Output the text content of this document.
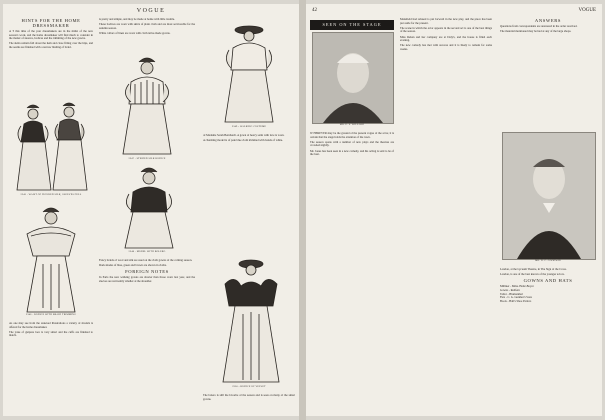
VOGUE
HINTS FOR THE HOME DRESSMAKER

A T this time of the year dressmakers are in the midst of the new season's work, and the home dressmaker will find much to consider in the matter of sleeves, bodices and the trimming of the new gowns.

The skirts remain full about the hem and close fitting over the hips, and the seams are finished with a narrow binding of braid.

2345 - WAIST OF FIGURED SILK, SLEEVES FULL
2346 - BODICE WITH BRAID TRIMMING

As one may see from the annexed illustrations a variety of models is offered for the home dressmaker.

The yoke of guipure lace is very smart and the cuffs are finished to match.

is pretty and simple, and may be made at home with little trouble.

These bodices are worn with skirts of plain cloth and are most serviceable for the autumn season.

White collars of linen are worn with cloth tailor-made gowns.

2347 - STRIPED SILK BODICE
2348 - MODEL WITH BOLERO

Fancy braids of wool and silk are used on the cloth gowns of the coming season.

Dark shades of blue, green and brown are shown in cloths.

FOREIGN NOTES

In Paris the new walking gowns are shorter than those worn last year, and the sleeves are noticeably smaller at the shoulder.

2349 - WALKING COSTUME

of Madame Sarah Bernhardt. A gown of heavy satin with lace is worn.

A charming model is of pale blue cloth trimmed with bands of white.

2350 - BODICE OF VELVET

The bolero is still the favorite of the season and is seen on many of the smart gowns.

42	VOGUE
SEEN ON THE STAGE
MR. E. S. WILLARD

W HEREVER may be the ground of the present vogue of the actor, it is certain that the stage holds the attention of the town.

The season opens with a number of new plays and the theatres are crowded nightly.

Mr. Jones has been seen in a new comedy, and his acting is said to be of the best.

Mansfield had refused to put forward in the new play, and the piece has been put aside for the present.

The scene in which the actor appears in the second act is one of the best things of the season.

Miss Rehan and her company are at Daly's, and the house is filled each evening.

The new comedy has met with success and it is likely to remain for some weeks.

ANSWERS

Questions from correspondents are answered in the order received.

The material mentioned may be had at any of the large shops.

MR. N. C. GOODWIN

London, at the Lyceum Theatre, in The Sign of the Cross.

London, is one of the best known of the younger actors.

GOWNS AND HATS

Milliner - Mme. Heitz-Boyer

Gowns - Redfern

Tailor - Blumenthal

Furs - C. G. Gunther's Sons

Boots - Hall's Shoe Parlors
